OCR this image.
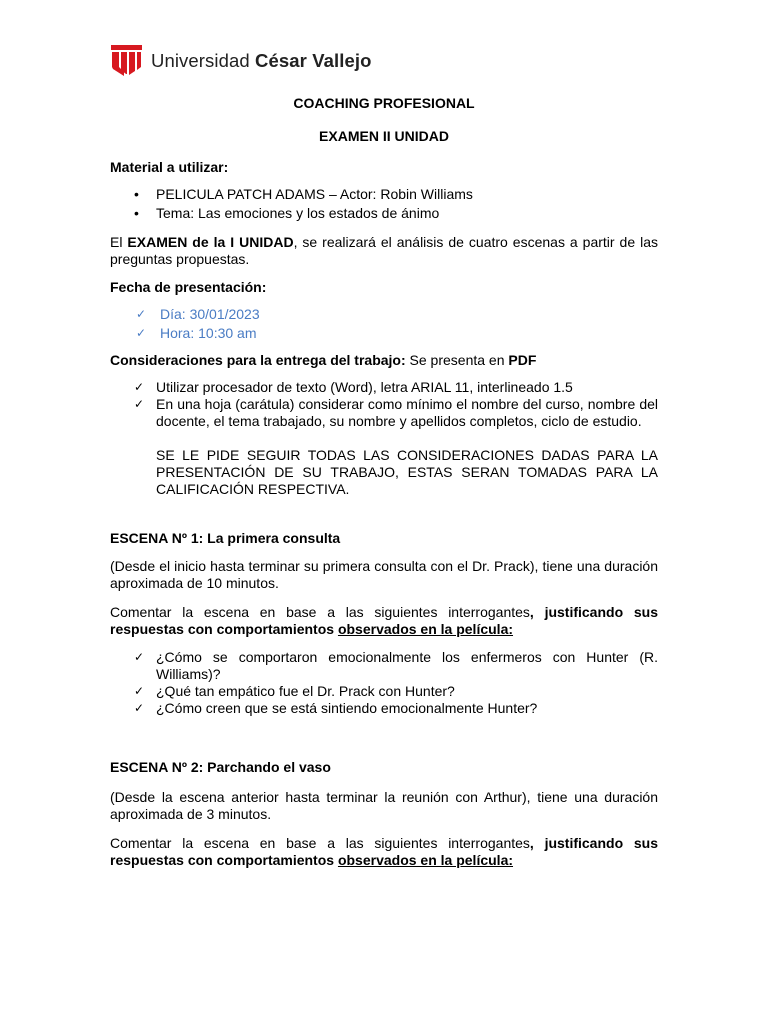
Universidad César Vallejo

COACHING PROFESIONAL

EXAMEN II UNIDAD

Material a utilizar:

• PELICULA PATCH ADAMS – Actor: Robin Williams
• Tema: Las emociones y los estados de ánimo

El EXAMEN de la I UNIDAD, se realizará el análisis de cuatro escenas a partir de las preguntas propuestas.

Fecha de presentación:

✓ Día: 30/01/2023
✓ Hora: 10:30 am

Consideraciones para la entrega del trabajo: Se presenta en PDF

✓ Utilizar procesador de texto (Word), letra ARIAL 11, interlineado 1.5
✓ En una hoja (carátula) considerar como mínimo el nombre del curso, nombre del docente, el tema trabajado, su nombre y apellidos completos, ciclo de estudio.

SE LE PIDE SEGUIR TODAS LAS CONSIDERACIONES DADAS PARA LA PRESENTACIÓN DE SU TRABAJO, ESTAS SERAN TOMADAS PARA LA CALIFICACIÓN RESPECTIVA.

ESCENA Nº 1: La primera consulta

(Desde el inicio hasta terminar su primera consulta con el Dr. Prack), tiene una duración aproximada de 10 minutos.

Comentar la escena en base a las siguientes interrogantes, justificando sus respuestas con comportamientos observados en la película:

✓ ¿Cómo se comportaron emocionalmente los enfermeros con Hunter (R. Williams)?
✓ ¿Qué tan empático fue el Dr. Prack con Hunter?
✓ ¿Cómo creen que se está sintiendo emocionalmente Hunter?

ESCENA Nº 2: Parchando el vaso

(Desde la escena anterior hasta terminar la reunión con Arthur), tiene una duración aproximada de 3 minutos.

Comentar la escena en base a las siguientes interrogantes, justificando sus respuestas con comportamientos observados en la película:
